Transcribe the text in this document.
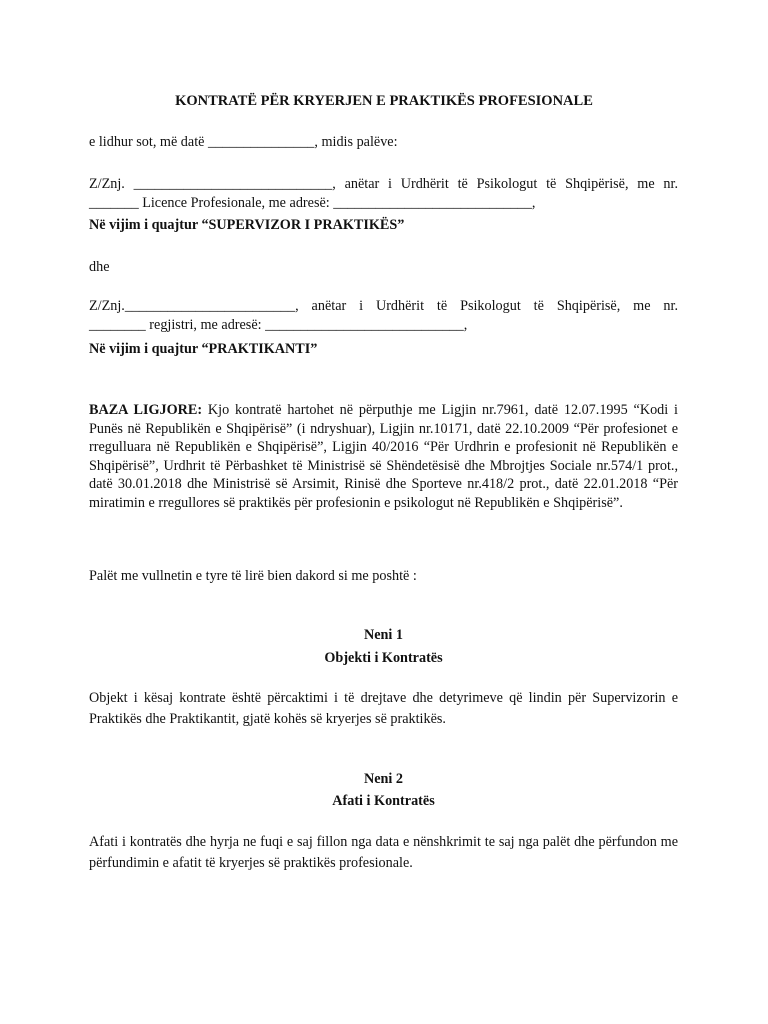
KONTRATË PËR KRYERJEN E PRAKTIKËS PROFESIONALE
e lidhur sot, më datë _______________, midis palëve:
Z/Znj. ____________________________, anëtar i Urdhërit të Psikologut të Shqipërisë, me nr.
_______ Licence Profesionale, me adresë: ____________________________,
Në vijim i quajtur “SUPERVIZOR I PRAKTIKËS”
dhe
Z/Znj.________________________, anëtar i Urdhërit të Psikologut të Shqipërisë, me nr.
________ regjistri, me adresë: ____________________________,
Në vijim i quajtur “PRAKTIKANTI”
BAZA LIGJORE: Kjo kontratë hartohet në përputhje me Ligjin nr.7961, datë 12.07.1995 “Kodi i Punës në Republikën e Shqipërisë” (i ndryshuar), Ligjin nr.10171, datë 22.10.2009 “Për profesionet e rregulluara në Republikën e Shqipërisë”, Ligjin 40/2016 “Për Urdhrin e profesionit në Republikën e Shqipërisë”, Urdhrit të Përbashket të Ministrisë së Shëndetësisë dhe Mbrojtjes Sociale nr.574/1 prot., datë 30.01.2018 dhe Ministrisë së Arsimit, Rinisë dhe Sporteve nr.418/2 prot., datë 22.01.2018 “Për miratimin e rregullores së praktikës për profesionin e psikologut në Republikën e Shqipërisë”.
Palët me vullnetin e tyre të lirë bien dakord si me poshtë :
Neni 1
Objekti i Kontratës
Objekt i kësaj kontrate është përcaktimi i të drejtave dhe detyrimeve që lindin për Supervizorin e Praktikës dhe Praktikantit, gjatë kohës së kryerjes së praktikës.
Neni 2
Afati i Kontratës
Afati i kontratës dhe hyrja ne fuqi e saj fillon nga data e nënshkrimit te saj nga palët dhe përfundon me përfundimin e afatit të kryerjes së praktikës profesionale.
